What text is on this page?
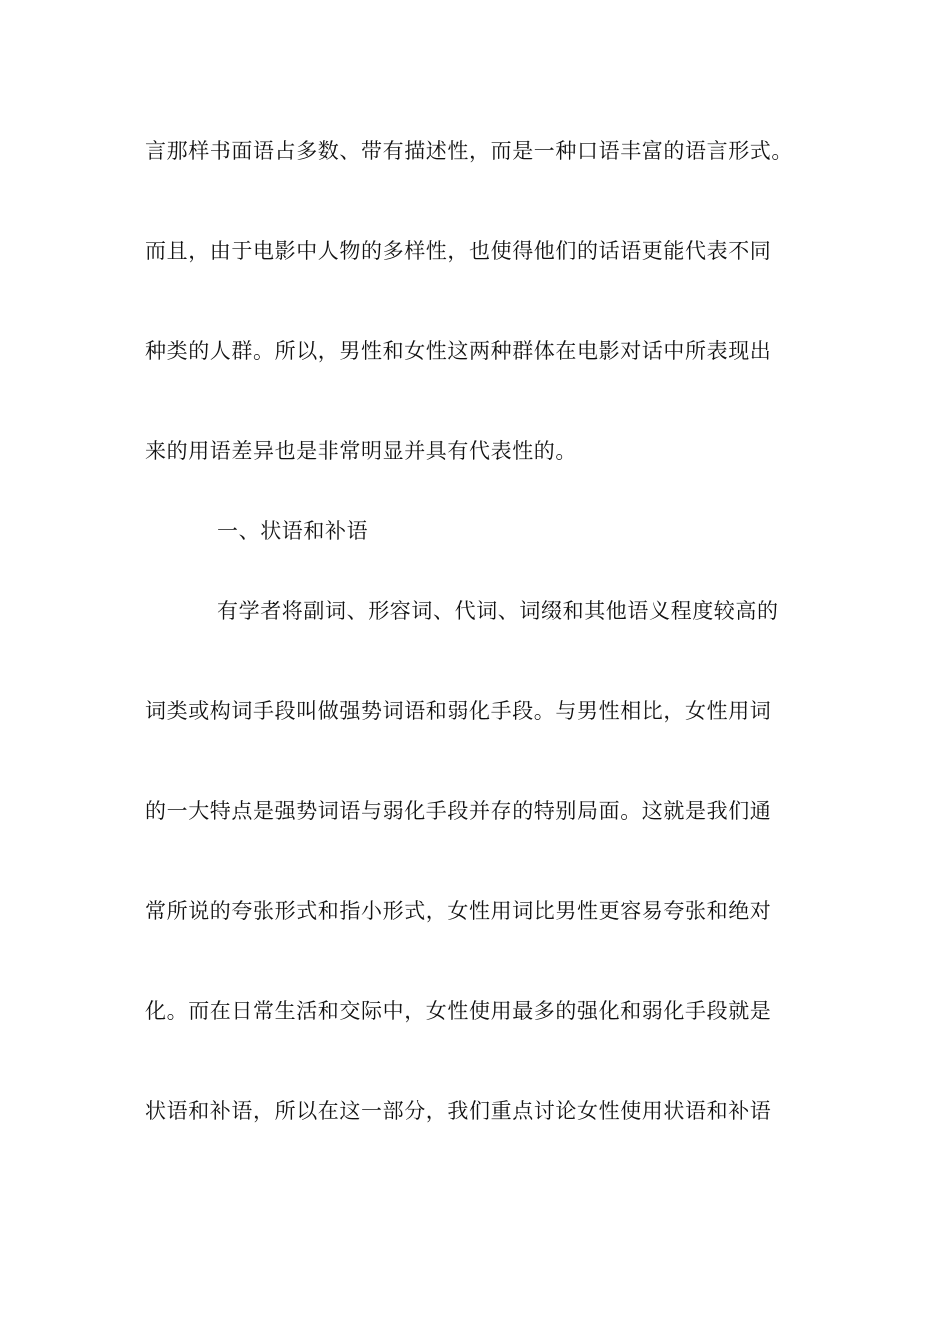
言那样书面语占多数、带有描述性，而是一种口语丰富的语言形式。
而且，由于电影中人物的多样性，也使得他们的话语更能代表不同
种类的人群。所以，男性和女性这两种群体在电影对话中所表现出
来的用语差异也是非常明显并具有代表性的。
一、状语和补语
有学者将副词、形容词、代词、词缀和其他语义程度较高的
词类或构词手段叫做强势词语和弱化手段。与男性相比，女性用词
的一大特点是强势词语与弱化手段并存的特别局面。这就是我们通
常所说的夸张形式和指小形式，女性用词比男性更容易夸张和绝对
化。而在日常生活和交际中，女性使用最多的强化和弱化手段就是
状语和补语，所以在这一部分，我们重点讨论女性使用状语和补语
